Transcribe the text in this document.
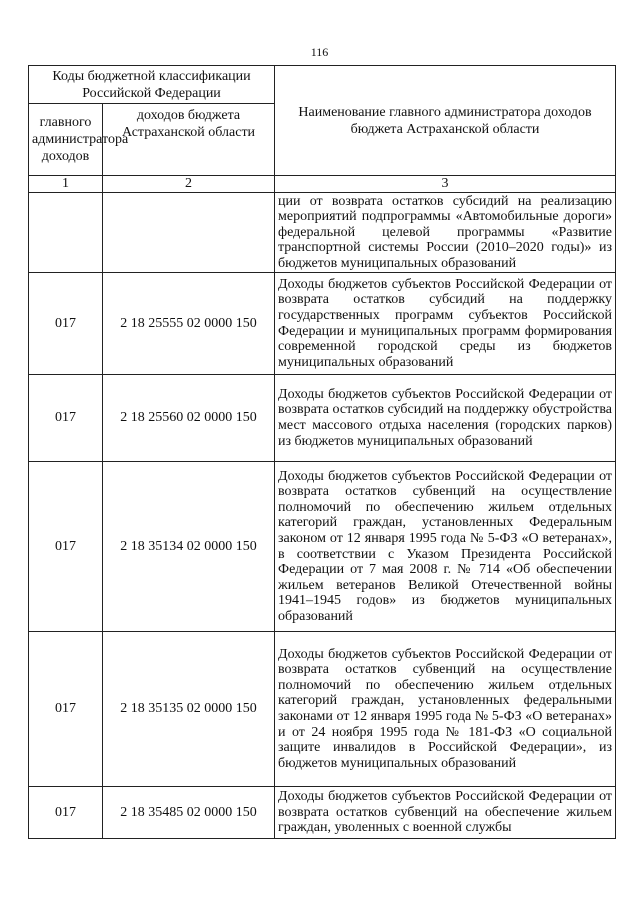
116
Коды бюджетной классификации Российской Федерации		Наименование главного администратора доходов бюджета Астраханской области
главного администратора доходов	доходов бюджета Астраханской области	
1	2	3
		ции от возврата остатков субсидий на реализацию мероприятий подпрограммы «Автомобильные дороги» федеральной целевой программы «Развитие транспортной системы России (2010–2020 годы)» из бюджетов муниципальных образований
017	2 18 25555 02 0000 150	Доходы бюджетов субъектов Российской Федерации от возврата остатков субсидий на поддержку государственных программ субъектов Российской Федерации и муниципальных программ формирования современной городской среды из бюджетов муниципальных образований
017	2 18 25560 02 0000 150	Доходы бюджетов субъектов Российской Федерации от возврата остатков субсидий на поддержку обустройства мест массового отдыха населения (городских парков) из бюджетов муниципальных образований
017	2 18 35134 02 0000 150	Доходы бюджетов субъектов Российской Федерации от возврата остатков субвенций на осуществление полномочий по обеспечению жильем отдельных категорий граждан, установленных Федеральным законом от 12 января 1995 года № 5-ФЗ «О ветеранах», в соответствии с Указом Президента Российской Федерации от 7 мая 2008 г. № 714 «Об обеспечении жильем ветеранов Великой Отечественной войны 1941–1945 годов» из бюджетов муниципальных образований
017	2 18 35135 02 0000 150	Доходы бюджетов субъектов Российской Федерации от возврата остатков субвенций на осуществление полномочий по обеспечению жильем отдельных категорий граждан, установленных федеральными законами от 12 января 1995 года № 5-ФЗ «О ветеранах» и от 24 ноября 1995 года № 181-ФЗ «О социальной защите инвалидов в Российской Федерации», из бюджетов муниципальных образований
017	2 18 35485 02 0000 150	Доходы бюджетов субъектов Российской Федерации от возврата остатков субвенций на обеспечение жильем граждан, уволенных с военной службы
